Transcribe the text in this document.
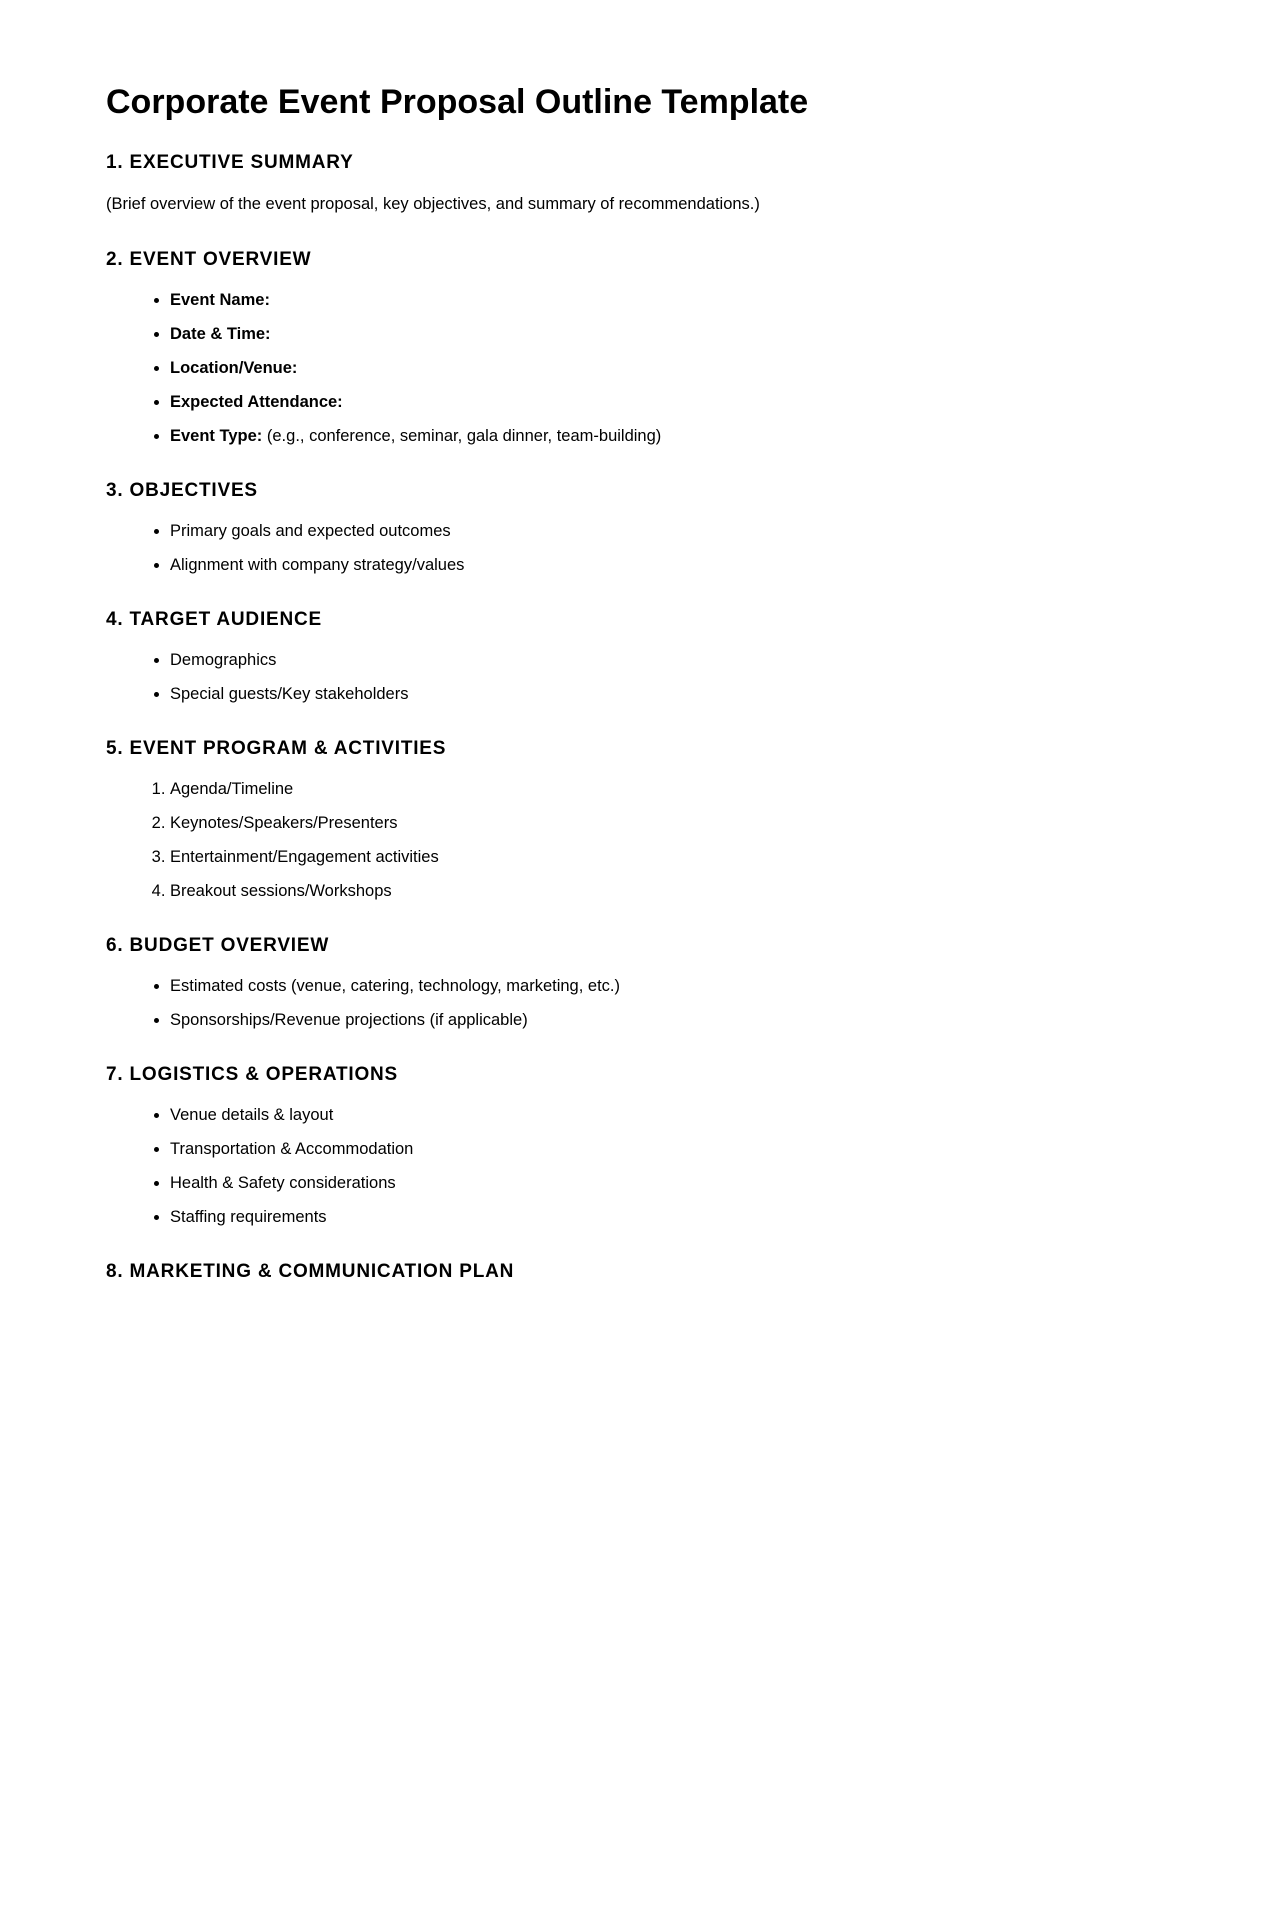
Corporate Event Proposal Outline Template
1. EXECUTIVE SUMMARY

(Brief overview of the event proposal, key objectives, and summary of recommendations.)

2. EVENT OVERVIEW
• Event Name:
• Date & Time:
• Location/Venue:
• Expected Attendance:
• Event Type: (e.g., conference, seminar, gala dinner, team-building)
3. OBJECTIVES
• Primary goals and expected outcomes
• Alignment with company strategy/values
4. TARGET AUDIENCE
• Demographics
• Special guests/Key stakeholders
5. EVENT PROGRAM & ACTIVITIES
1. Agenda/Timeline
2. Keynotes/Speakers/Presenters
3. Entertainment/Engagement activities
4. Breakout sessions/Workshops
6. BUDGET OVERVIEW
• Estimated costs (venue, catering, technology, marketing, etc.)
• Sponsorships/Revenue projections (if applicable)
7. LOGISTICS & OPERATIONS
• Venue details & layout
• Transportation & Accommodation
• Health & Safety considerations
• Staffing requirements
8. MARKETING & COMMUNICATION PLAN
